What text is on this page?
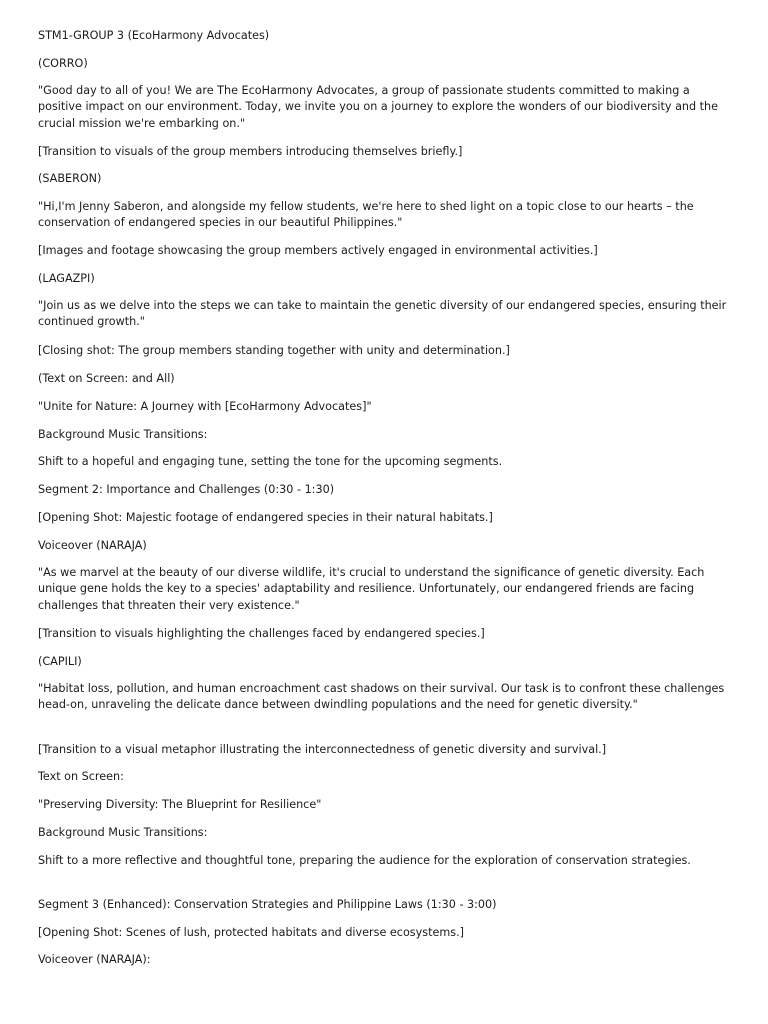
STM1-GROUP 3 (EcoHarmony Advocates)

(CORRO)

"Good day to all of you! We are The EcoHarmony Advocates, a group of passionate students committed to making a positive impact on our environment. Today, we invite you on a journey to explore the wonders of our biodiversity and the crucial mission we're embarking on."

[Transition to visuals of the group members introducing themselves briefly.]

(SABERON)

"Hi,I'm Jenny Saberon, and alongside my fellow students, we're here to shed light on a topic close to our hearts – the conservation of endangered species in our beautiful Philippines."

[Images and footage showcasing the group members actively engaged in environmental activities.]

(LAGAZPI)

"Join us as we delve into the steps we can take to maintain the genetic diversity of our endangered species, ensuring their continued growth."

[Closing shot: The group members standing together with unity and determination.]

(Text on Screen: and All)

"Unite for Nature: A Journey with [EcoHarmony Advocates]"

Background Music Transitions:

Shift to a hopeful and engaging tune, setting the tone for the upcoming segments.

Segment 2: Importance and Challenges (0:30 - 1:30)

[Opening Shot: Majestic footage of endangered species in their natural habitats.]

Voiceover (NARAJA)

"As we marvel at the beauty of our diverse wildlife, it's crucial to understand the significance of genetic diversity. Each unique gene holds the key to a species' adaptability and resilience. Unfortunately, our endangered friends are facing challenges that threaten their very existence."

[Transition to visuals highlighting the challenges faced by endangered species.]

(CAPILI)

"Habitat loss, pollution, and human encroachment cast shadows on their survival. Our task is to confront these challenges head-on, unraveling the delicate dance between dwindling populations and the need for genetic diversity."

[Transition to a visual metaphor illustrating the interconnectedness of genetic diversity and survival.]

Text on Screen:

"Preserving Diversity: The Blueprint for Resilience"

Background Music Transitions:

Shift to a more reflective and thoughtful tone, preparing the audience for the exploration of conservation strategies.

Segment 3 (Enhanced): Conservation Strategies and Philippine Laws (1:30 - 3:00)

[Opening Shot: Scenes of lush, protected habitats and diverse ecosystems.]

Voiceover (NARAJA):
